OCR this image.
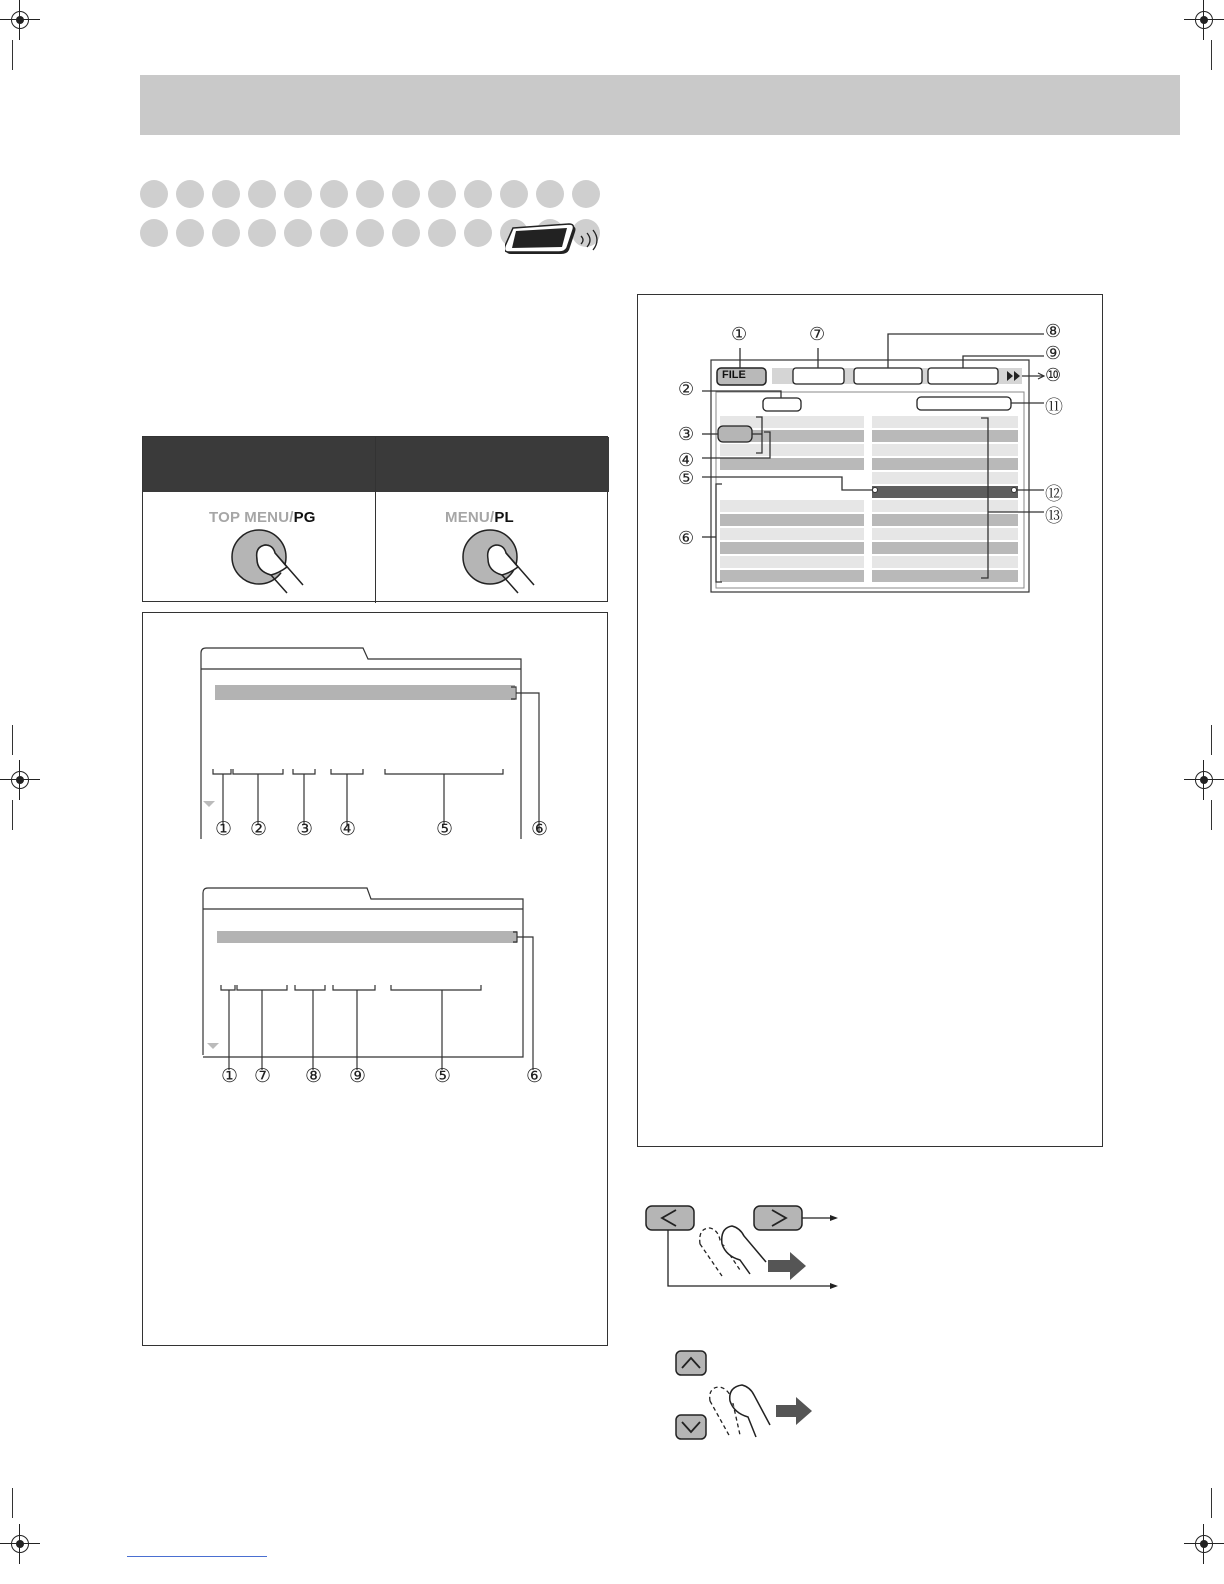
TOP MENU/PG	MENU/PL
① ② ③ ④	⑤	⑥
① ⑦ ⑧ ⑨	⑤	⑥
FILE
①	⑦	⑧
⑨
⑩
②
⑪
③
④
⑤
⑫
⑬
⑥
